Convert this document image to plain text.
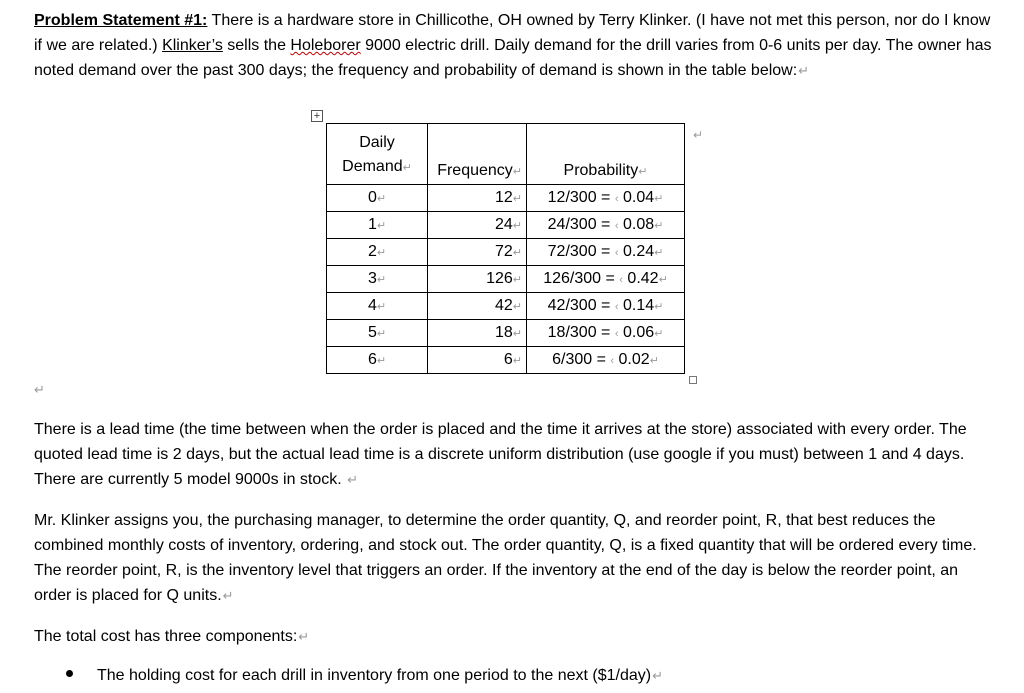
Problem Statement #1: There is a hardware store in Chillicothe, OH owned by Terry Klinker. (I have not met this person, nor do I know if we are related.) Klinker’s sells the Holeborer 9000 electric drill. Daily demand for the drill varies from 0-6 units per day. The owner has noted demand over the past 300 days; the frequency and probability of demand is shown in the table below:↵

+
Daily
Demand↵	Frequency↵	Probability↵
0↵	12↵	12/300 = ‹ 0.04↵
1↵	24↵	24/300 = ‹ 0.08↵
2↵	72↵	72/300 = ‹ 0.24↵
3↵	126↵	126/300 = ‹ 0.42↵
4↵	42↵	42/300 = ‹ 0.14↵
5↵	18↵	18/300 = ‹ 0.06↵
6↵	6↵	6/300 = ‹ 0.02↵
↵
↵

There is a lead time (the time between when the order is placed and the time it arrives at the store) associated with every order. The quoted lead time is 2 days, but the actual lead time is a discrete uniform distribution (use google if you must) between 1 and 4 days. There are currently 5 model 9000s in stock. ↵

Mr. Klinker assigns you, the purchasing manager, to determine the order quantity, Q, and reorder point, R, that best reduces the combined monthly costs of inventory, ordering, and stock out. The order quantity, Q, is a fixed quantity that will be ordered every time. The reorder point, R, is the inventory level that triggers an order. If the inventory at the end of the day is below the reorder point, an order is placed for Q units.↵

The total cost has three components:↵

The holding cost for each drill in inventory from one period to the next ($1/day)↵
